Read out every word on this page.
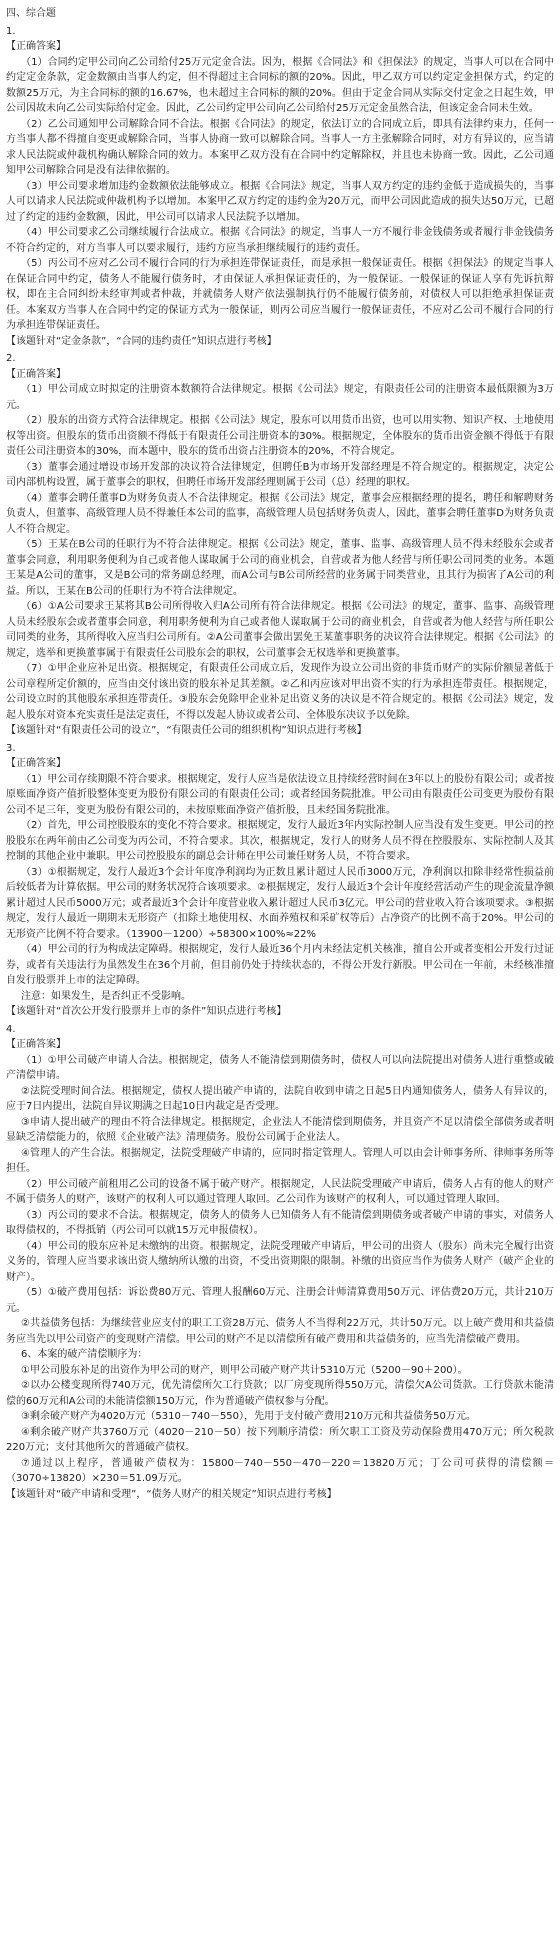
四、综合题
1.
【正确答案】
（1）合同约定甲公司向乙公司给付25万元定金合法。因为，根据《合同法》和《担保法》的规定，当事人可以在合同中约定定金条款，定金数额由当事人约定，但不得超过主合同标的额的20%。因此，甲乙双方可以约定定金担保方式，约定的数额25万元，为主合同标的额的16.67%，也未超过主合同标的额的20%。但由于定金合同从实际交付定金之日起生效，甲公司因故未向乙公司实际给付定金。因此，乙公司约定甲公司向乙公司给付25万元定金虽然合法，但该定金合同未生效。
（2）乙公司通知甲公司解除合同不合法。根据《合同法》的规定，依法订立的合同成立后，即具有法律约束力，任何一方当事人都不得擅自变更或解除合同，当事人协商一致可以解除合同。当事人一方主张解除合同时，对方有异议的，应当请求人民法院或仲裁机构确认解除合同的效力。本案甲乙双方没有在合同中约定解除权，并且也未协商一致。因此，乙公司通知甲公司解除合同是没有法律依据的。
（3）甲公司要求增加违约金数额依法能够成立。根据《合同法》规定，当事人双方约定的违约金低于造成损失的，当事人可以请求人民法院或仲裁机构予以增加。本案甲乙双方约定的违约金为20万元，而甲公司因此造成的损失达50万元，已超过了约定的违约金数额，因此，甲公司可以请求人民法院予以增加。
（4）甲公司要求乙公司继续履行合法成立。根据《合同法》的规定，当事人一方不履行非金钱债务或者履行非金钱债务不符合约定的，对方当事人可以要求履行，违约方应当承担继续履行的违约责任。
（5）丙公司不应对乙公司不履行合同的行为承担连带保证责任，而是承担一般保证责任。根据《担保法》的规定当事人在保证合同中约定，债务人不能履行债务时，才由保证人承担保证责任的，为一般保证。一般保证的保证人享有先诉抗辩权，即在主合同纠纷未经审判或者仲裁，并就债务人财产依法强制执行仍不能履行债务前，对债权人可以拒绝承担保证责任。本案双方当事人在合同中约定的保证方式为一般保证，则丙公司应当履行一般保证责任，不应对乙公司不履行合同的行为承担连带保证责任。
【该题针对“定金条款”，“合同的违约责任”知识点进行考核】
2.
【正确答案】
（1）甲公司成立时拟定的注册资本数额符合法律规定。根据《公司法》规定，有限责任公司的注册资本最低限额为3万元。
（2）股东的出资方式符合法律规定。根据《公司法》规定，股东可以用货币出资，也可以用实物、知识产权、土地使用权等出资。但股东的货币出资额不得低于有限责任公司注册资本的30%。根据规定，全体股东的货币出资金额不得低于有限责任公司注册资本的30%，而本题中，股东的货币出资占注册资本的20%，不符合规定。
（3）董事会通过增设市场开发部的决议符合法律规定，但聘任B为市场开发部经理是不符合规定的。根据规定，决定公司内部机构设置，属于董事会的职权，但聘任市场开发部经理则属于公司（总）经理的职权。
（4）董事会聘任董事D为财务负责人不合法律规定。根据《公司法》规定，董事会应根据经理的提名，聘任和解聘财务负责人，但董事、高级管理人员不得兼任本公司的监事，高级管理人员包括财务负责人，因此，董事会聘任董事D为财务负责人不符合规定。
（5）王某在B公司的任职行为不符合法律规定。根据《公司法》规定，董事、监事、高级管理人员不得未经股东会或者董事会同意，利用职务便利为自己或者他人谋取属于公司的商业机会，自营或者为他人经营与所任职公司同类的业务。本题王某是A公司的董事，又是B公司的常务副总经理，而A公司与B公司所经营的业务属于同类营业，且其行为损害了A公司的利益。所以，王某在B公司的任职行为不符合法律规定。
（6）①A公司要求王某将其B公司所得收入归A公司所有符合法律规定。根据《公司法》的规定，董事、监事、高级管理人员未经股东会或者董事会同意，利用职务便利为自己或者他人谋取属于公司的商业机会，自营或者为他人经营与所任职公司同类的业务，其所得收入应当归公司所有。②A公司董事会做出罢免王某董事职务的决议符合法律规定。根据《公司法》的规定，选举和更换董事属于有限责任公司股东会的职权，公司董事会无权选举和更换董事。
（7）①甲企业应补足出资。根据规定，有限责任公司成立后，发现作为设立公司出资的非货币财产的实际价额显著低于公司章程所定价额的，应当由交付该出资的股东补足其差额。②乙和丙应该对甲出资不实的行为承担连带责任。根据规定，公司设立时的其他股东承担连带责任。③股东会免除甲企业补足出资义务的决议是不符合规定的。根据《公司法》规定，发起人股东对资本充实责任是法定责任，不得以发起人协议或者公司、全体股东决议予以免除。
【该题针对“有限责任公司的设立”，“有限责任公司的组织机构”知识点进行考核】
3.
【正确答案】
（1）甲公司存续期限不符合要求。根据规定，发行人应当是依法设立且持续经营时间在3年以上的股份有限公司；或者按原账面净资产值折股整体变更为股份有限公司的有限责任公司；或者经国务院批准。甲公司由有限责任公司变更为股份有限公司不足三年，变更为股份有限公司的，未按原账面净资产值折股，且未经国务院批准。
（2）首先，甲公司控股股东的变化不符合要求。根据规定，发行人最近3年内实际控制人应当没有发生变更。甲公司的控股股东在两年前由乙公司变为丙公司，不符合要求。其次，根据规定，发行人的财务人员不得在控股股东、实际控制人及其控制的其他企业中兼职。甲公司控股股东的副总会计师在甲公司兼任财务人员，不符合要求。
（3）①根据规定，发行人最近3个会计年度净利润均为正数且累计超过人民币3000万元，净利润以扣除非经常性损益前后较低者为计算依据。甲公司的财务状况符合该项要求。②根据规定，发行人最近3个会计年度经营活动产生的现金流量净额累计超过人民币5000万元；或者最近3个会计年度营业收入累计超过人民币3亿元。甲公司的营业收入符合该项要求。③根据规定，发行人最近一期期末无形资产（扣除土地使用权、水面养殖权和采矿权等后）占净资产的比例不高于20%。甲公司的无形资产比例不符合要求。（13900－1200）÷58300×100%≈22%
（4）甲公司的行为构成法定障碍。根据规定，发行人最近36个月内未经法定机关核准，擅自公开或者变相公开发行过证券，或者有关违法行为虽然发生在36个月前，但目前仍处于持续状态的，不得公开发行新股。甲公司在一年前，未经核准擅自发行股票并上市的法定障碍。
注意：如果发生，是否纠正不受影响。
【该题针对“首次公开发行股票并上市的条件”知识点进行考核】
4.
【正确答案】
（1）①甲公司破产申请人合法。根据规定，债务人不能清偿到期债务时，债权人可以向法院提出对债务人进行重整或破产清偿申请。
②法院受理时间合法。根据规定，债权人提出破产申请的，法院自收到申请之日起5日内通知债务人，债务人有异议的，应于7日内提出，法院自异议期满之日起10日内裁定是否受理。
③申请人提出破产的理由不符合法律规定。根据规定，企业法人不能清偿到期债务，并且资产不足以清偿全部债务或者明显缺乏清偿能力的，依照《企业破产法》清理债务。股份公司属于企业法人。
④管理人的产生合法。根据规定，法院受理破产申请的，应同时指定管理人。管理人可以由会计师事务所、律师事务所等担任。
（2）甲公司破产前租用乙公司的设备不属于破产财产。根据规定，人民法院受理破产申请后，债务人占有的他人的财产不属于债务人的财产，该财产的权利人可以通过管理人取回。乙公司作为该财产的权利人，可以通过管理人取回。
（3）丙公司的要求不合法。根据规定，债务人的债务人已知债务人有不能清偿到期债务或者破产申请的事实，对债务人取得债权的，不得抵销（丙公司可以就15万元申报债权）。
（4）甲公司的股东应补足未缴纳的出资。根据规定，法院受理破产申请后，甲公司的出资人（股东）尚未完全履行出资义务的，管理人应当要求该出资人缴纳所认缴的出资，不受出资期限的限制。补缴的出资应当作为债务人财产（破产企业的财产）。
（5）①破产费用包括：诉讼费80万元、管理人报酬60万元、注册会计师清算费用50万元、评估费20万元，共计210万元。
②共益债务包括：为继续营业应支付的职工工资28万元、债务人不当得利22万元，共计50万元。以上破产费用和共益债务应当先以甲公司资产的变现财产清偿。甲公司的财产不足以清偿所有破产费用和共益债务的，应当先清偿破产费用。
6、本案的破产清偿顺序为：
①甲公司股东补足的出资作为甲公司的财产，则甲公司破产财产共计5310万元（5200－90＋200）。
②以办公楼变现所得740万元，优先清偿所欠工行贷款；以厂房变现所得550万元，清偿欠A公司货款。工行贷款未能清偿的60万元和A公司的未能清偿额150万元，作为普通破产债权参与分配。
③剩余破产财产为4020万元（5310－740－550），先用于支付破产费用210万元和共益债务50万元。
④剩余破产财产共3760万元（4020－210－50）按下列顺序清偿：所欠职工工资及劳动保险费用470万元；所欠税款220万元；支付其他所欠的普通破产债权。
⑦通过以上程序，普通破产债权为：15800－740－550－470－220＝13820万元；丁公司可获得的清偿额＝（3070÷13820）×230＝51.09万元。
【该题针对“破产申请和受理”，“债务人财产的相关规定”知识点进行考核】
